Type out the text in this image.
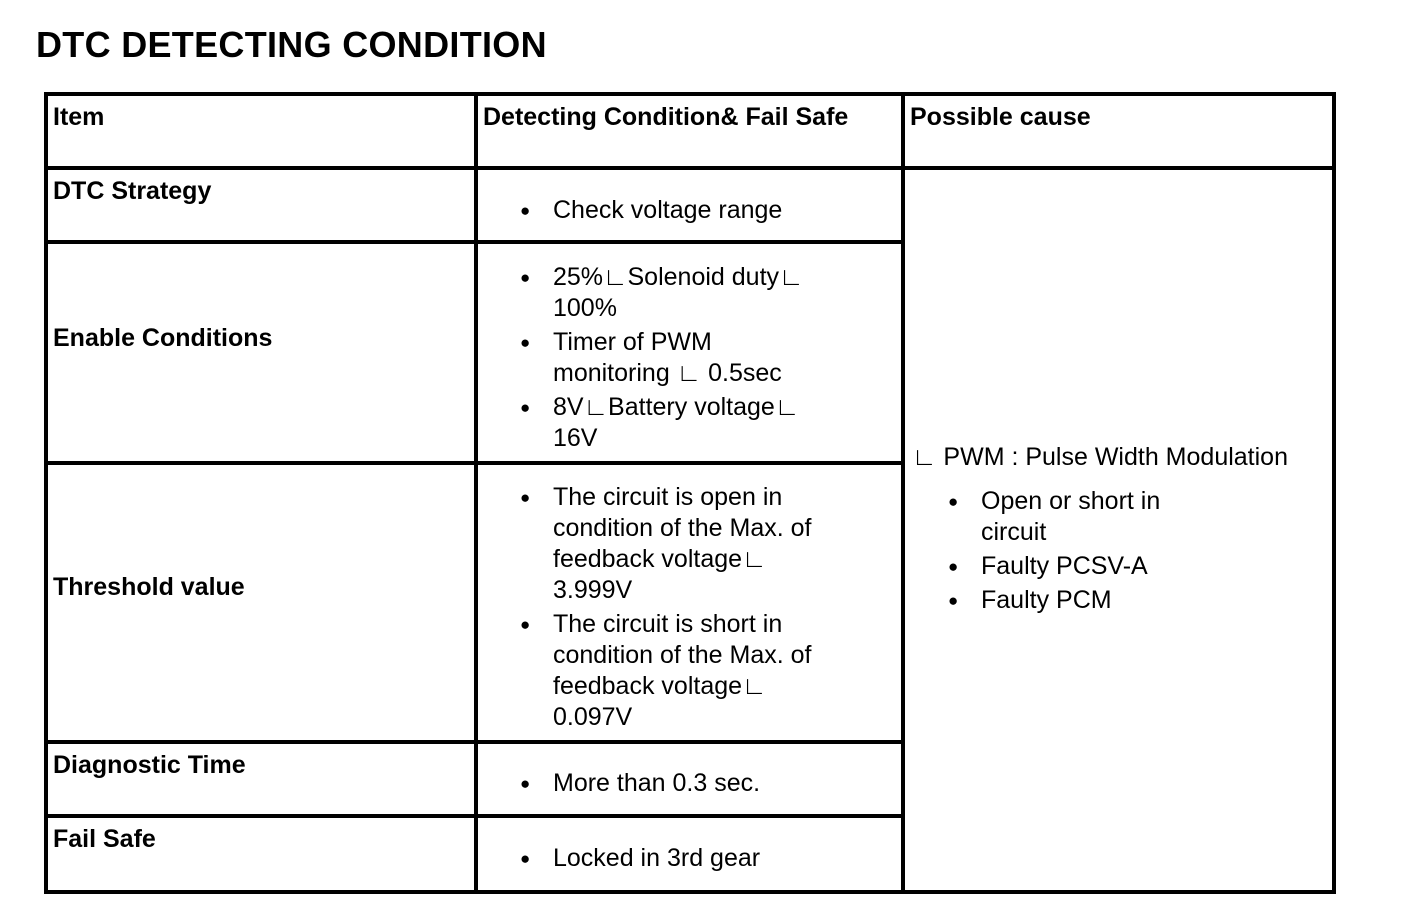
DTC DETECTING CONDITION
Item	Detecting Condition& Fail Safe Possible cause
DTC Strategy
Enable Conditions
Threshold value
Diagnostic Time
Fail Safe
● Check voltage range
● 25%∟Solenoid duty∟ 100%
● Timer of PWM monitoring ∟ 0.5sec
● 8V∟Battery voltage∟ 16V
● The circuit is open in condition of the Max. of feedback voltage∟ 3.999V
● The circuit is short in condition of the Max. of feedback voltage∟ 0.097V
● More than 0.3 sec.
● Locked in 3rd gear
∟ PWM : Pulse Width Modulation
● Open or short in circuit
● Faulty PCSV-A
● Faulty PCM
